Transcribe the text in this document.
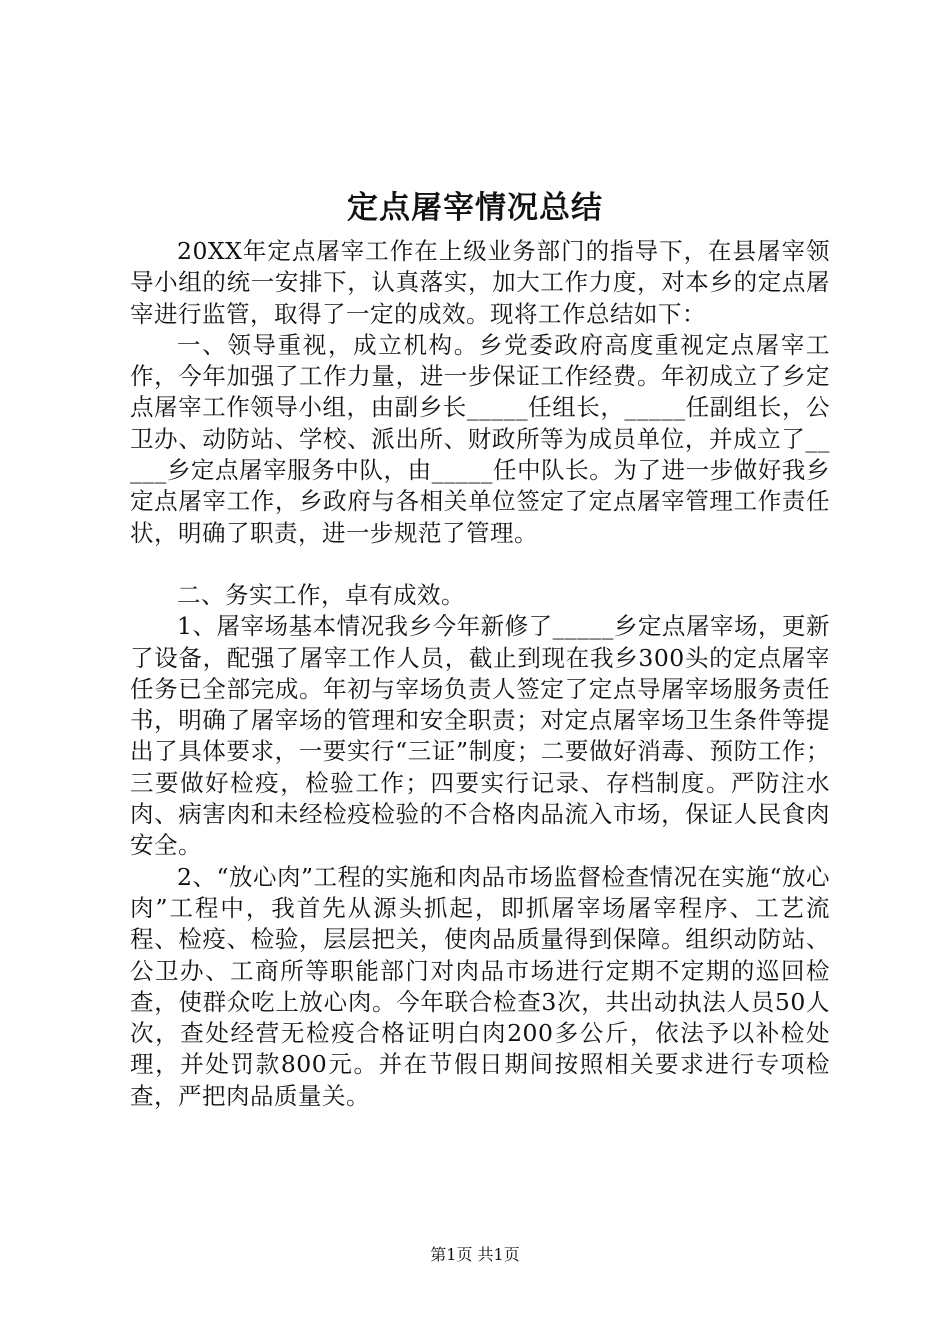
定点屠宰情况总结

20XX年定点屠宰工作在上级业务部门的指导下，在县屠宰领导小组的统一安排下，认真落实，加大工作力度，对本乡的定点屠宰进行监管，取得了一定的成效。现将工作总结如下：

一、领导重视，成立机构。乡党委政府高度重视定点屠宰工作，今年加强了工作力量，进一步保证工作经费。年初成立了乡定点屠宰工作领导小组，由副乡长_____任组长，_____任副组长，公卫办、动防站、学校、派出所、财政所等为成员单位，并成立了_____乡定点屠宰服务中队，由_____任中队长。为了进一步做好我乡定点屠宰工作，乡政府与各相关单位签定了定点屠宰管理工作责任状，明确了职责，进一步规范了管理。

二、务实工作，卓有成效。

1、屠宰场基本情况我乡今年新修了_____乡定点屠宰场，更新了设备，配强了屠宰工作人员，截止到现在我乡300头的定点屠宰任务已全部完成。年初与宰场负责人签定了定点导屠宰场服务责任书，明确了屠宰场的管理和安全职责；对定点屠宰场卫生条件等提出了具体要求，一要实行“三证”制度；二要做好消毒、预防工作；三要做好检疫，检验工作；四要实行记录、存档制度。严防注水肉、病害肉和未经检疫检验的不合格肉品流入市场，保证人民食肉安全。

2、“放心肉”工程的实施和肉品市场监督检查情况在实施“放心肉”工程中，我首先从源头抓起，即抓屠宰场屠宰程序、工艺流程、检疫、检验，层层把关，使肉品质量得到保障。组织动防站、公卫办、工商所等职能部门对肉品市场进行定期不定期的巡回检查，使群众吃上放心肉。今年联合检查3次，共出动执法人员50人次，查处经营无检疫合格证明白肉200多公斤，依法予以补检处理，并处罚款800元。并在节假日期间按照相关要求进行专项检查，严把肉品质量关。

第1页 共1页
